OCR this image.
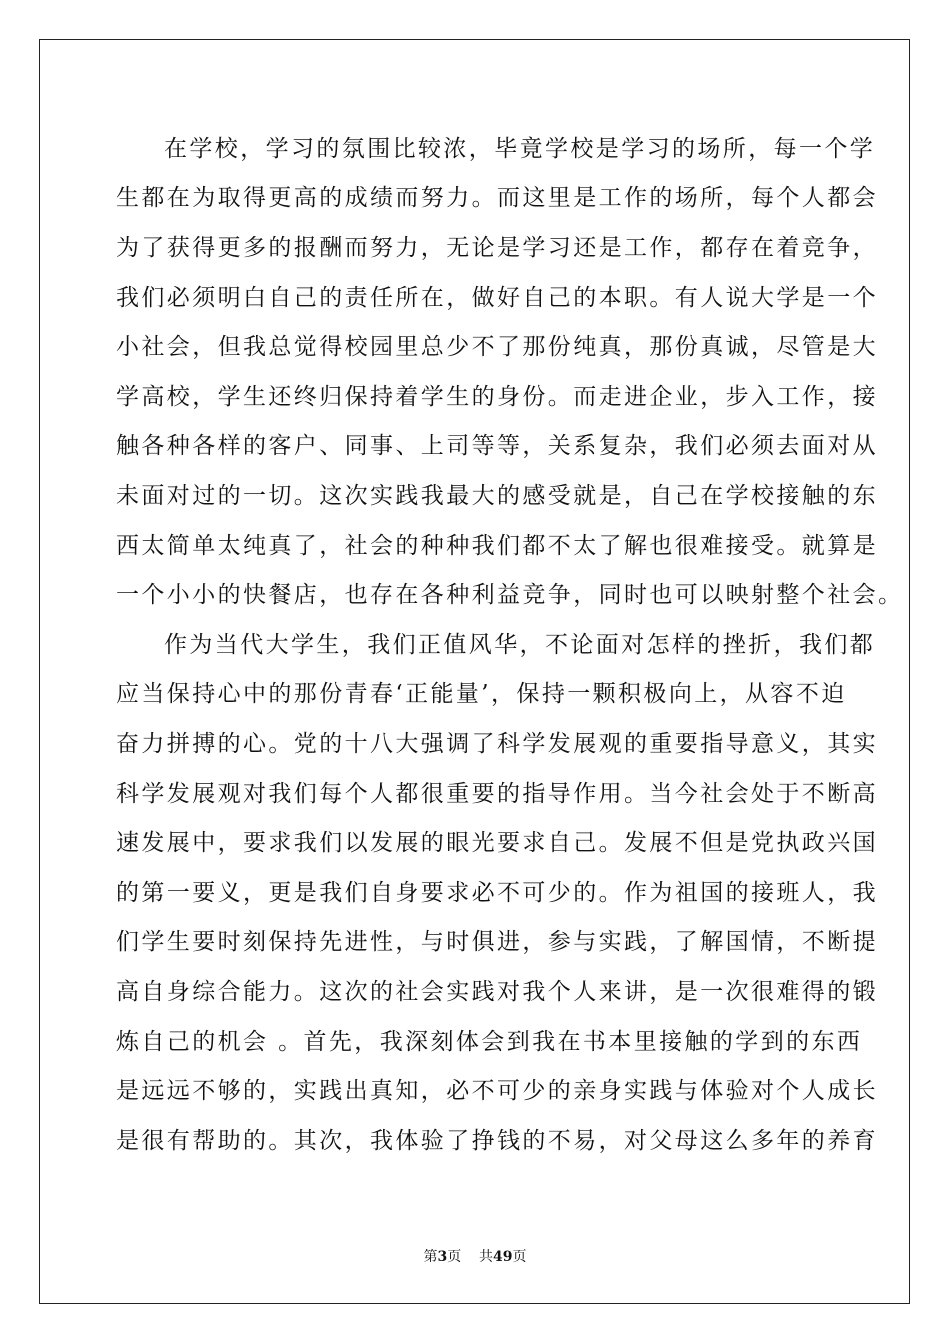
在学校，学习的氛围比较浓，毕竟学校是学习的场所，每一个学
生都在为取得更高的成绩而努力。而这里是工作的场所，每个人都会
为了获得更多的报酬而努力，无论是学习还是工作，都存在着竞争，
我们必须明白自己的责任所在，做好自己的本职。有人说大学是一个
小社会，但我总觉得校园里总少不了那份纯真，那份真诚，尽管是大
学高校，学生还终归保持着学生的身份。而走进企业，步入工作，接
触各种各样的客户、同事、上司等等，关系复杂，我们必须去面对从
未面对过的一切。这次实践我最大的感受就是，自己在学校接触的东
西太简单太纯真了，社会的种种我们都不太了解也很难接受。就算是
一个小小的快餐店，也存在各种利益竞争，同时也可以映射整个社会。
作为当代大学生，我们正值风华，不论面对怎样的挫折，我们都
应当保持心中的那份青春‘正能量’，保持一颗积极向上，从容不迫
奋力拼搏的心。党的十八大强调了科学发展观的重要指导意义，其实
科学发展观对我们每个人都很重要的指导作用。当今社会处于不断高
速发展中，要求我们以发展的眼光要求自己。发展不但是党执政兴国
的第一要义，更是我们自身要求必不可少的。作为祖国的接班人，我
们学生要时刻保持先进性，与时俱进，参与实践，了解国情，不断提
高自身综合能力。这次的社会实践对我个人来讲，是一次很难得的锻
炼自己的机会 。首先，我深刻体会到我在书本里接触的学到的东西
是远远不够的，实践出真知，必不可少的亲身实践与体验对个人成长
是很有帮助的。其次，我体验了挣钱的不易，对父母这么多年的养育
第3页 共49页
